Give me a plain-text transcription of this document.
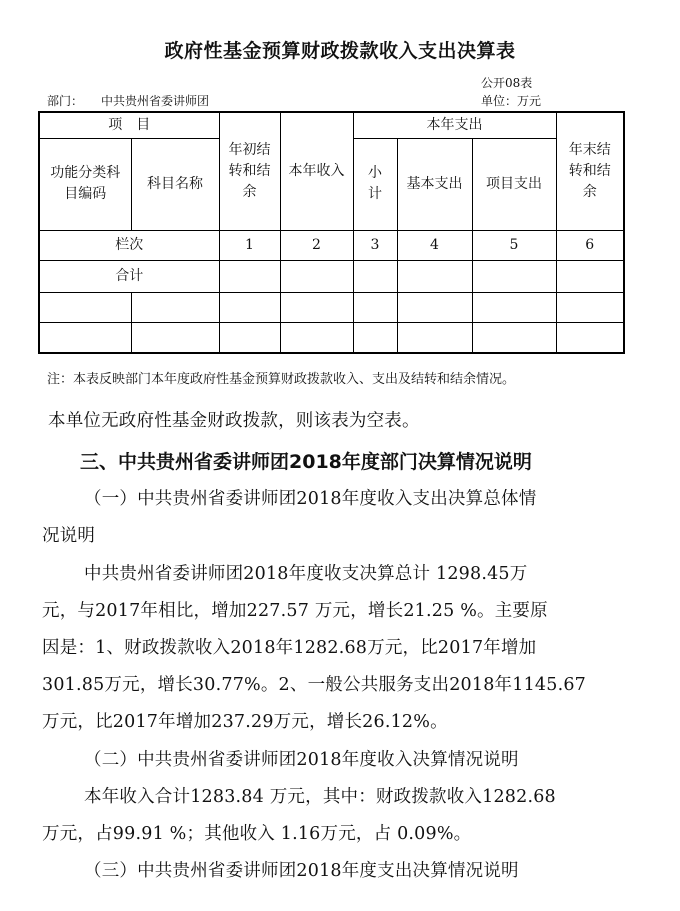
政府性基金预算财政拨款收入支出决算表
公开08表
部门： 中共贵州省委讲师团	单位：万元
项　目		年初结转和结余	本年收入	本年支出			年末结转和结余
功能分类科目编码	科目名称			小计	基本支出	项目支出	
栏次		1	2	3	4	5	6
合计							

注：本表反映部门本年度政府性基金预算财政拨款收入、支出及结转和结余情况。
本单位无政府性基金财政拨款，则该表为空表。
三、中共贵州省委讲师团2018年度部门决算情况说明
（一）中共贵州省委讲师团2018年度收入支出决算总体情
况说明
中共贵州省委讲师团2018年度收支决算总计 1298.45万
元，与2017年相比，增加227.57 万元，增长21.25 %。主要原
因是：1、财政拨款收入2018年1282.68万元，比2017年增加
301.85万元，增长30.77%。2、一般公共服务支出2018年1145.67
万元，比2017年增加237.29万元，增长26.12%。
（二）中共贵州省委讲师团2018年度收入决算情况说明
本年收入合计1283.84 万元，其中：财政拨款收入1282.68
万元，占99.91 %；其他收入 1.16万元，占 0.09%。
（三）中共贵州省委讲师团2018年度支出决算情况说明
